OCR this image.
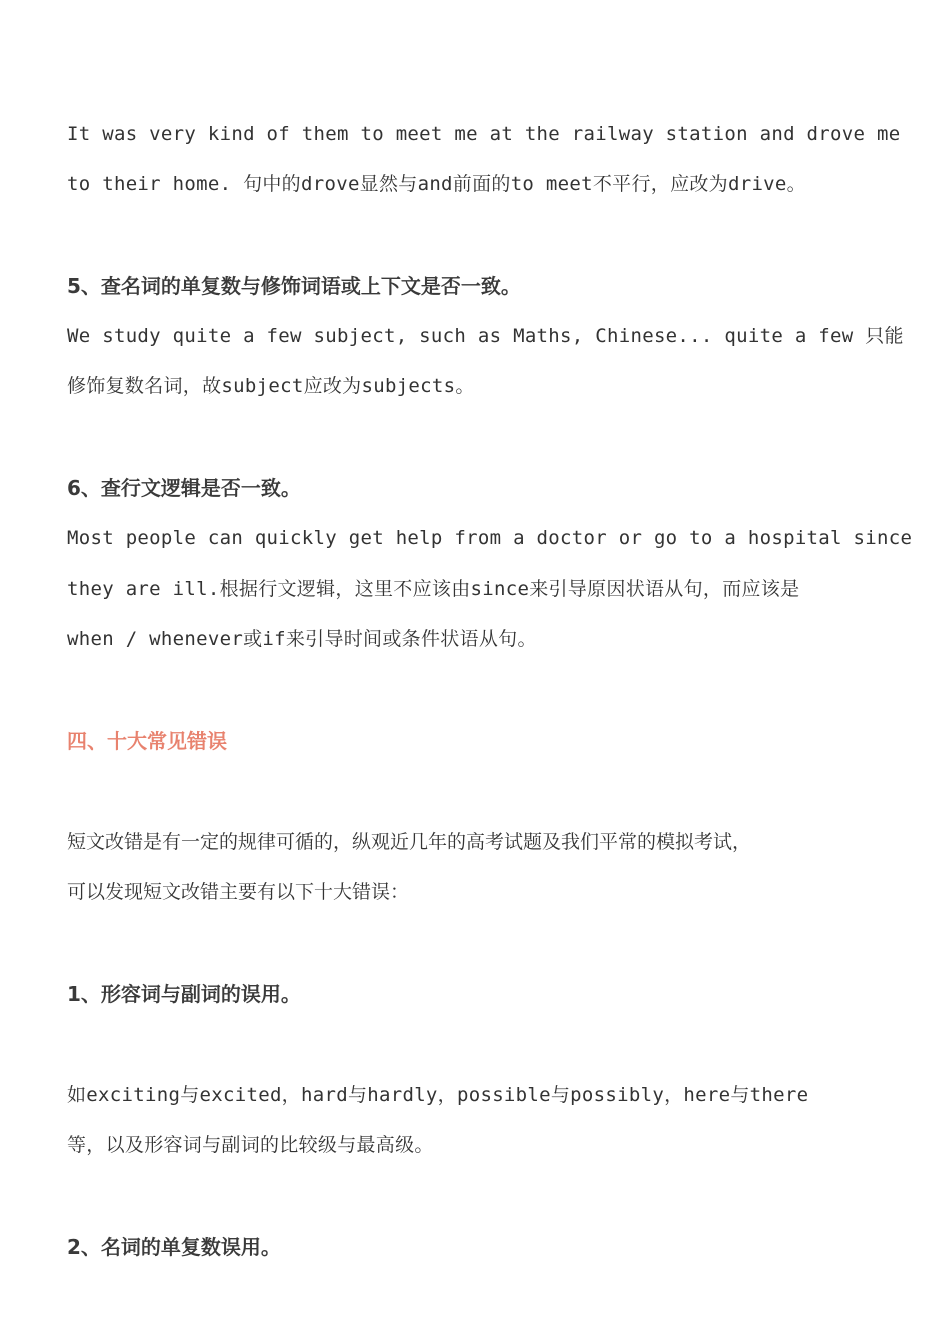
It was very kind of them to meet me at the railway station and drove me
to their home. 句中的drove显然与and前面的to meet不平行，应改为drive。
5、查名词的单复数与修饰词语或上下文是否一致。
We study quite a few subject, such as Maths, Chinese... quite a few 只能
修饰复数名词，故subject应改为subjects。
6、查行文逻辑是否一致。
Most people can quickly get help from a doctor or go to a hospital since
they are ill.根据行文逻辑，这里不应该由since来引导原因状语从句，而应该是
when / whenever或if来引导时间或条件状语从句。
四、十大常见错误
短文改错是有一定的规律可循的，纵观近几年的高考试题及我们平常的模拟考试，
可以发现短文改错主要有以下十大错误：
1、形容词与副词的误用。
如exciting与excited，hard与hardly，possible与possibly，here与there
等，以及形容词与副词的比较级与最高级。
2、名词的单复数误用。
